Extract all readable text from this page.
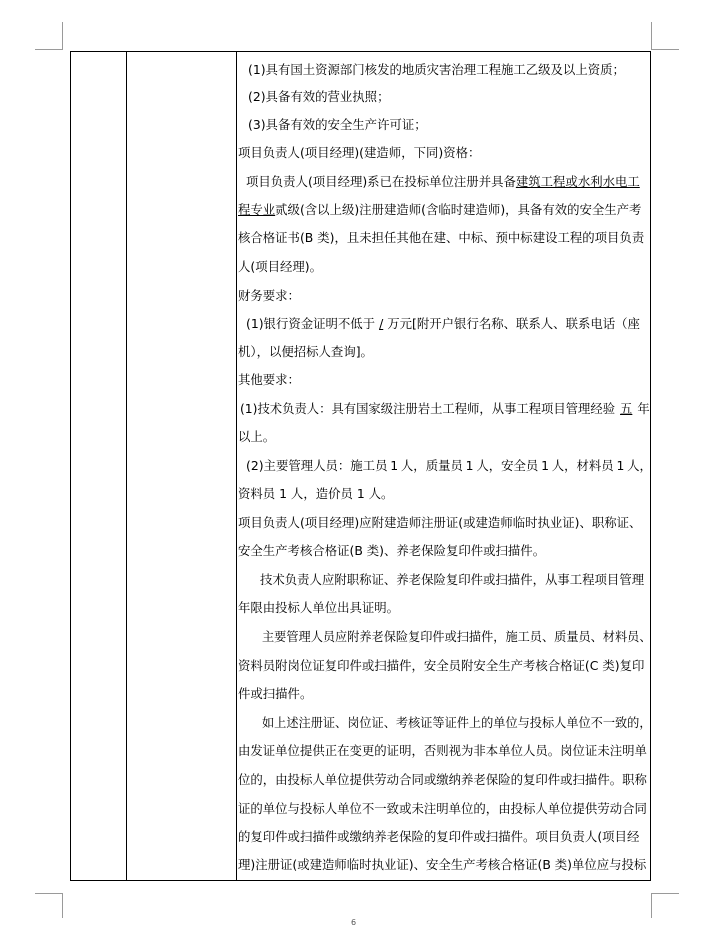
(1)具有国土资源部门核发的地质灾害治理工程施工乙级及以上资质；
(2)具备有效的营业执照；
(3)具备有效的安全生产许可证；
项目负责人(项目经理)(建造师，下同)资格：
项目负责人(项目经理)系已在投标单位注册并具备建筑工程或水利水电工
程专业贰级(含以上级)注册建造师(含临时建造师)，具备有效的安全生产考
核合格证书(B 类)，且未担任其他在建、中标、预中标建设工程的项目负责
人(项目经理)。
财务要求：
(1)银行资金证明不低于 / 万元[附开户银行名称、联系人、联系电话（座
机），以便招标人查询]。
其他要求：
(1)技术负责人：具有国家级注册岩土工程师，从事工程项目管理经验 五 年
以上。
(2)主要管理人员：施工员 1 人，质量员 1 人，安全员 1 人，材料员 1 人，
资料员 1 人，造价员 1 人。
项目负责人(项目经理)应附建造师注册证(或建造师临时执业证)、职称证、
安全生产考核合格证(B 类)、养老保险复印件或扫描件。
技术负责人应附职称证、养老保险复印件或扫描件，从事工程项目管理
年限由投标人单位出具证明。
主要管理人员应附养老保险复印件或扫描件，施工员、质量员、材料员、
资料员附岗位证复印件或扫描件，安全员附安全生产考核合格证(C 类)复印
件或扫描件。
如上述注册证、岗位证、考核证等证件上的单位与投标人单位不一致的，
由发证单位提供正在变更的证明，否则视为非本单位人员。岗位证未注明单
位的，由投标人单位提供劳动合同或缴纳养老保险的复印件或扫描件。职称
证的单位与投标人单位不一致或未注明单位的，由投标人单位提供劳动合同
的复印件或扫描件或缴纳养老保险的复印件或扫描件。项目负责人(项目经
理)注册证(或建造师临时执业证)、安全生产考核合格证(B 类)单位应与投标
6
